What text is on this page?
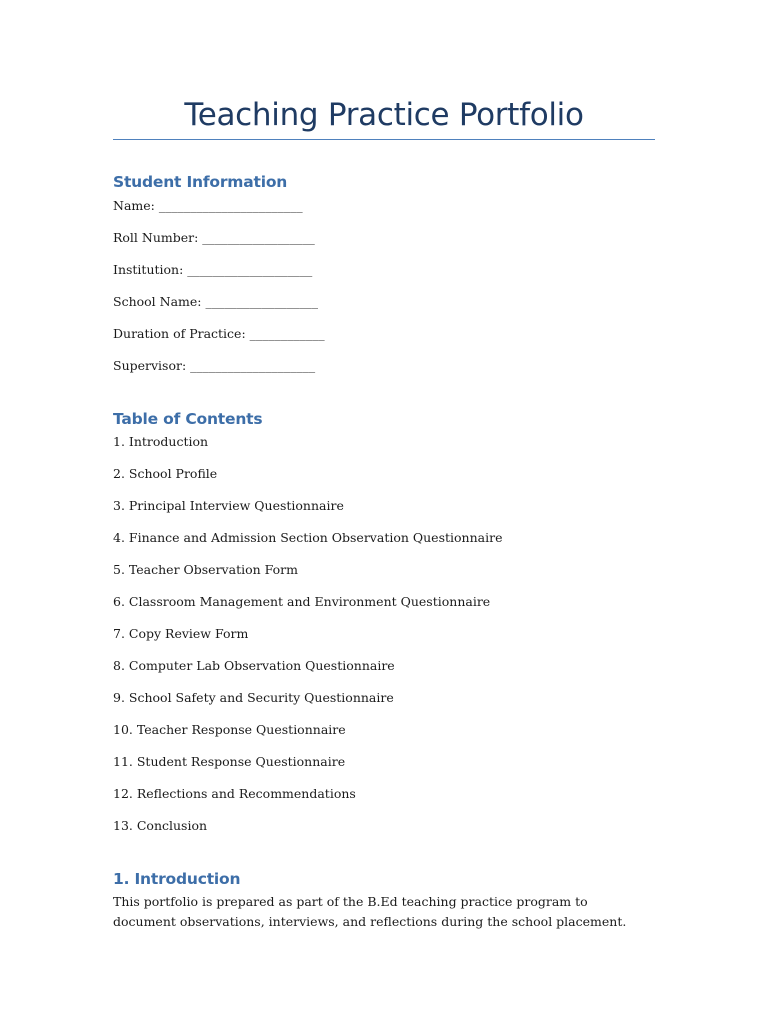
Teaching Practice Portfolio
Student Information

Name: _______________________

Roll Number: __________________

Institution: ____________________

School Name: __________________

Duration of Practice: ____________

Supervisor: ____________________

Table of Contents

1. Introduction

2. School Profile

3. Principal Interview Questionnaire

4. Finance and Admission Section Observation Questionnaire

5. Teacher Observation Form

6. Classroom Management and Environment Questionnaire

7. Copy Review Form

8. Computer Lab Observation Questionnaire

9. School Safety and Security Questionnaire

10. Teacher Response Questionnaire

11. Student Response Questionnaire

12. Reflections and Recommendations

13. Conclusion

1. Introduction

This portfolio is prepared as part of the B.Ed teaching practice program to document observations, interviews, and reflections during the school placement.
